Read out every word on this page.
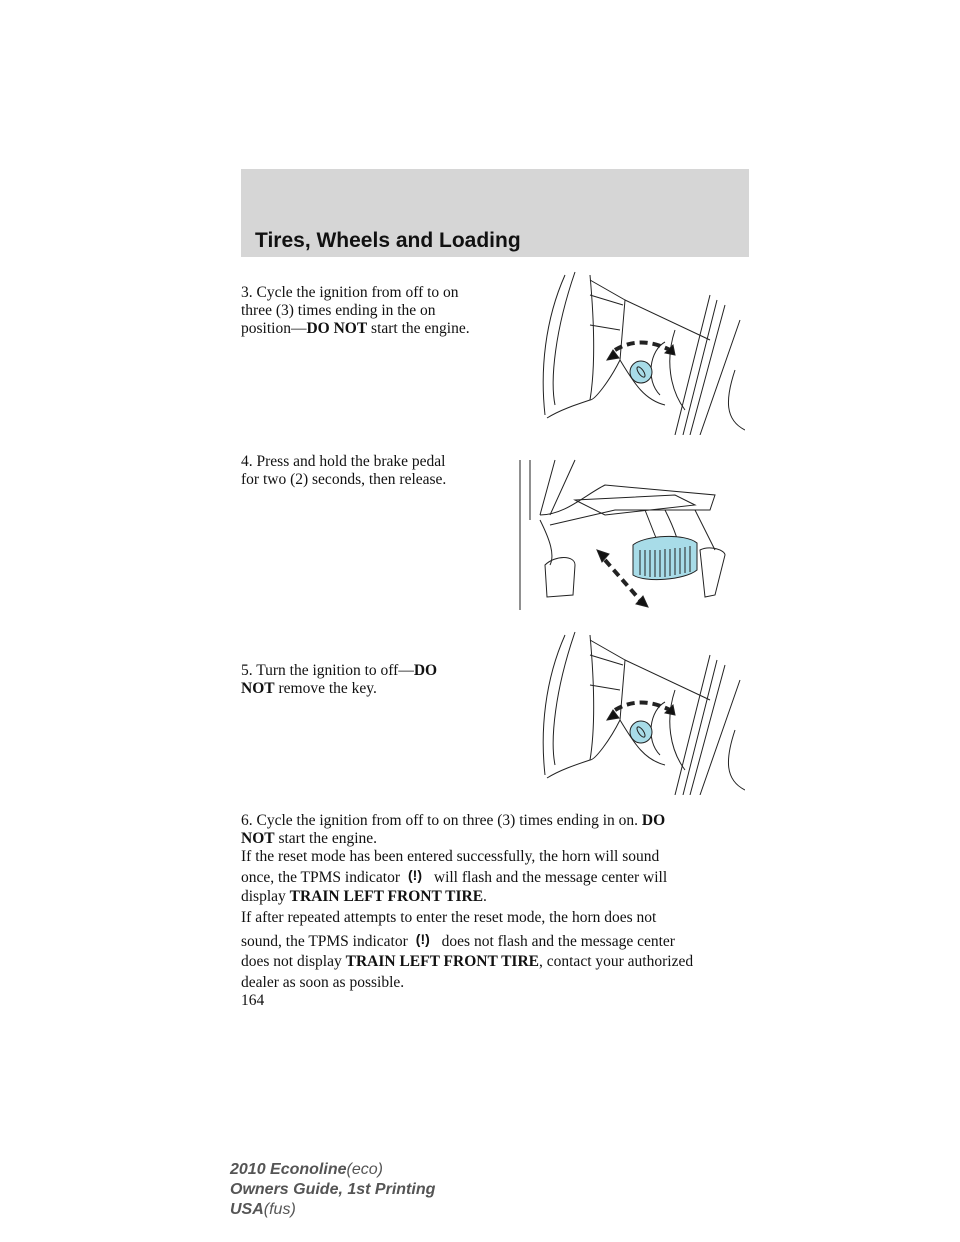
Tires, Wheels and Loading
3. Cycle the ignition from off to on
three (3) times ending in the on
position—DO NOT start the engine.
4. Press and hold the brake pedal
for two (2) seconds, then release.
5. Turn the ignition to off—DO
NOT remove the key.
6. Cycle the ignition from off to on three (3) times ending in on. DO
NOT start the engine.
If the reset mode has been entered successfully, the horn will sound
once, the TPMS indicator (!) will flash and the message center will
display TRAIN LEFT FRONT TIRE.
If after repeated attempts to enter the reset mode, the horn does not
sound, the TPMS indicator (!) does not flash and the message center
does not display TRAIN LEFT FRONT TIRE, contact your authorized
dealer as soon as possible.
164
2010 Econoline(eco)
Owners Guide, 1st Printing
USA(fus)
